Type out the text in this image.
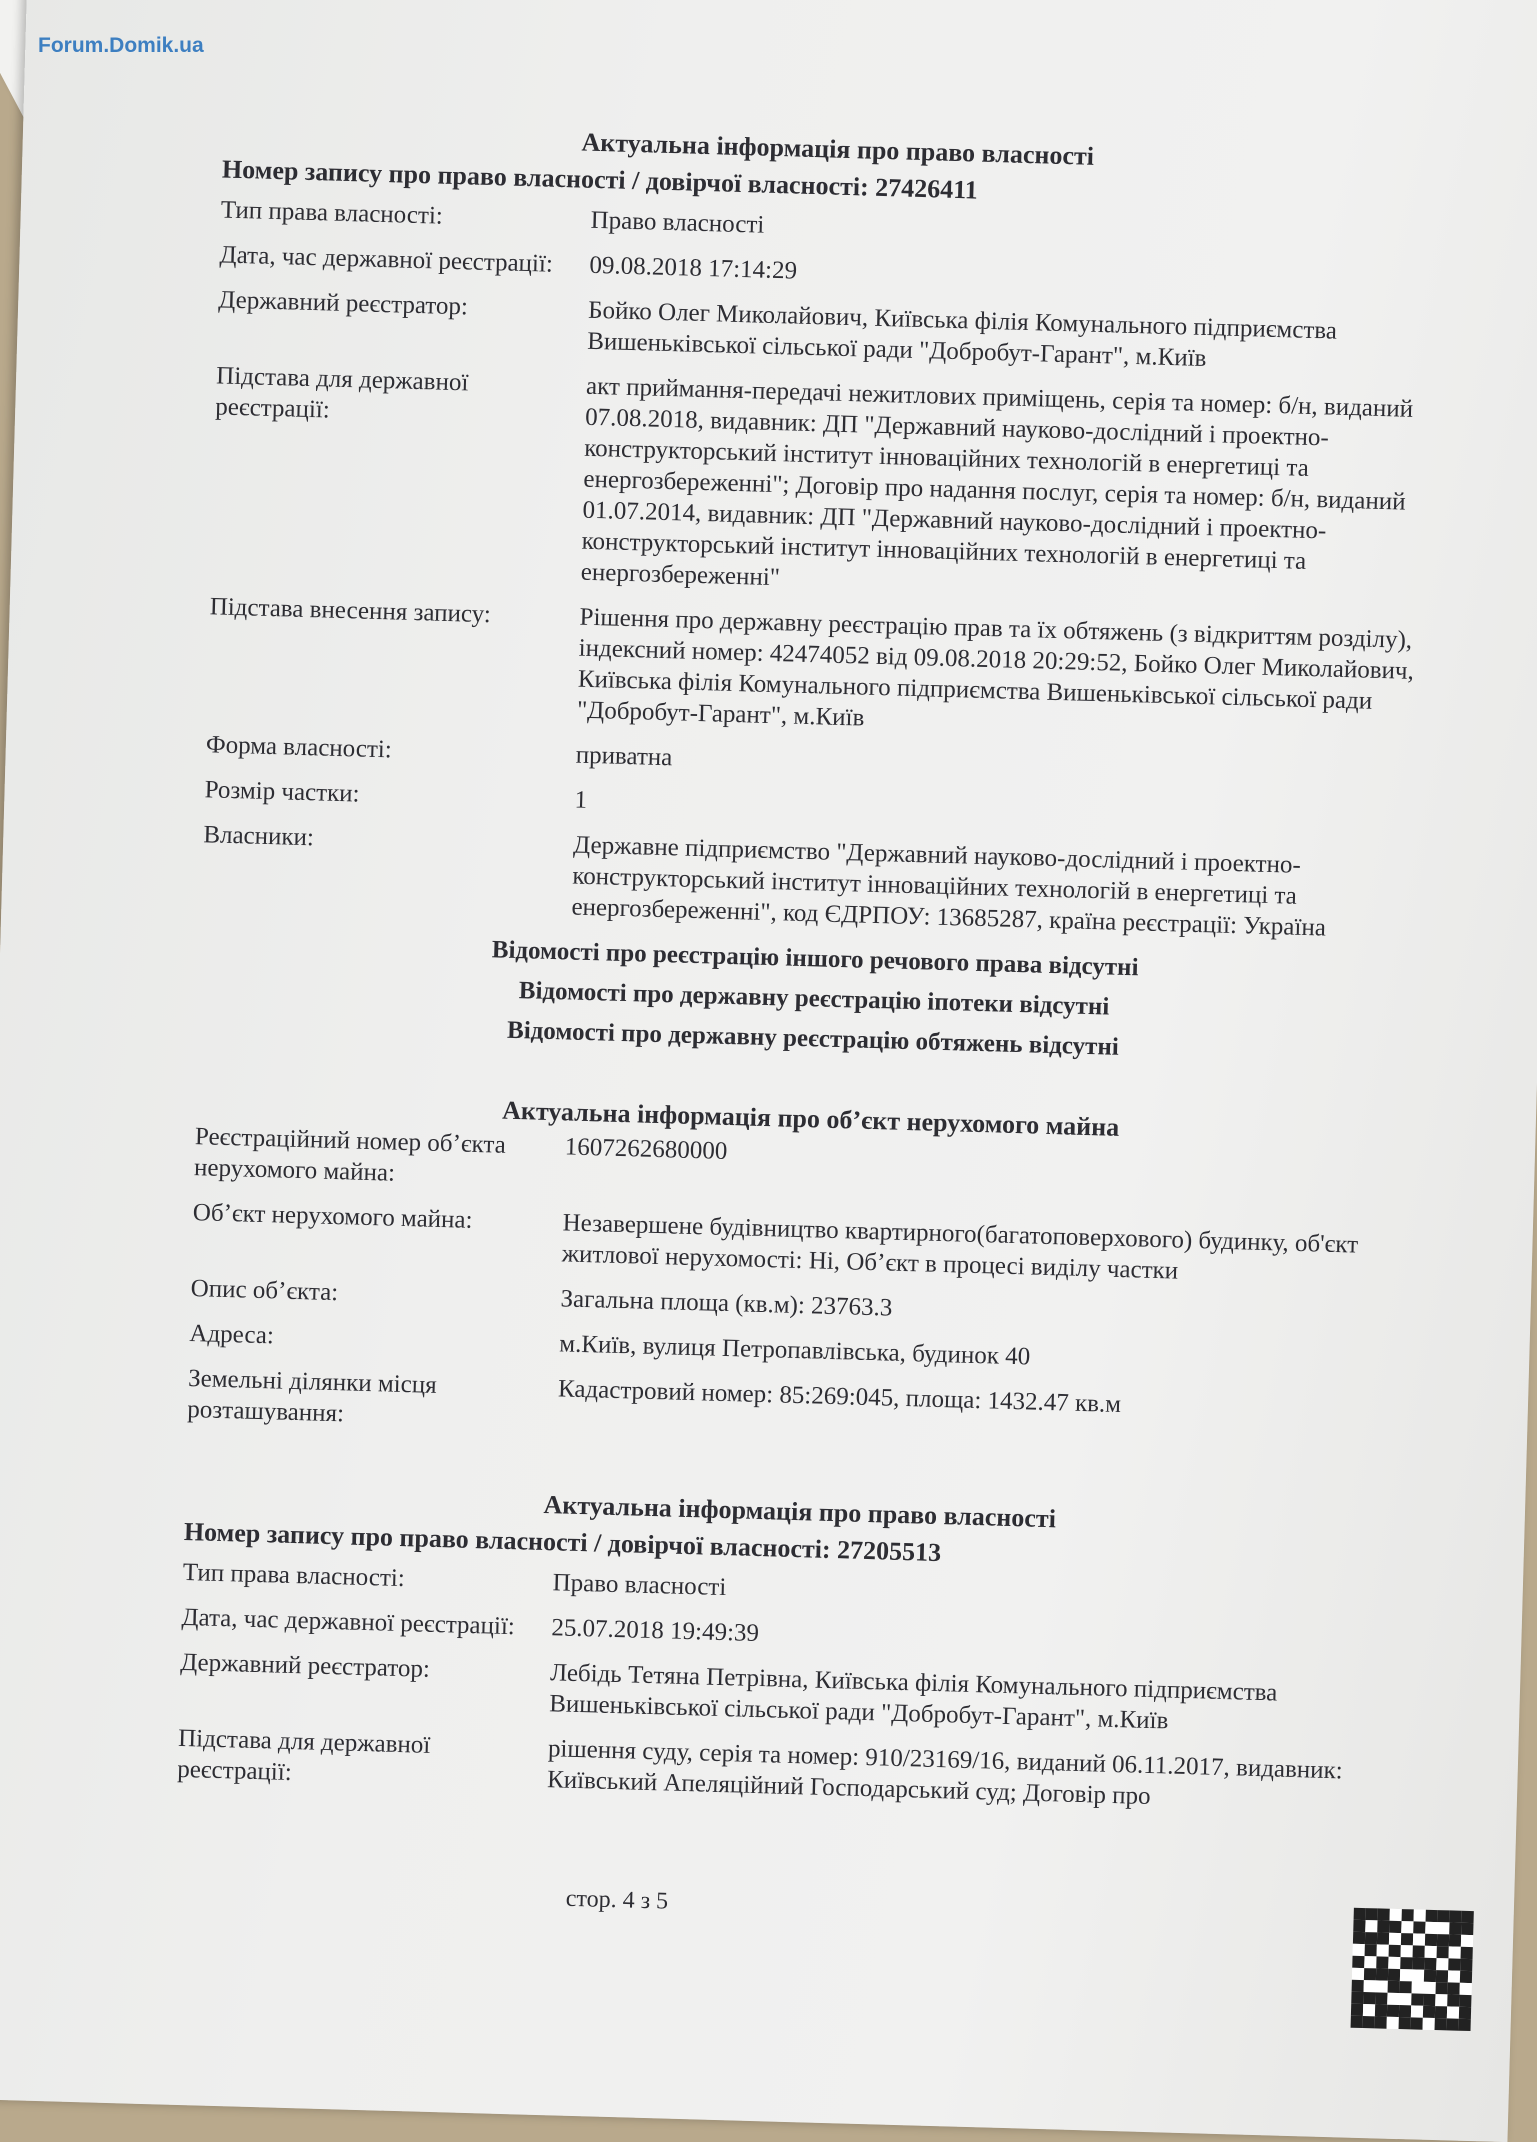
Актуальна інформація про право власності
Номер запису про право власності / довірчої власності: 27426411
Тип права власності:	Право власності
Дата, час державної реєстрації:	09.08.2018 17:14:29
Державний реєстратор:	Бойко Олег Миколайович, Київська філія Комунального підприємства Вишеньківської сільської ради "Добробут-Гарант", м.Київ
Підстава для державної реєстрації:	акт приймання-передачі нежитлових приміщень, серія та номер: б/н, виданий 07.08.2018, видавник: ДП "Державний науково-дослідний і проектно-конструкторський інститут інноваційних технологій в енергетиці та енергозбереженні"; Договір про надання послуг, серія та номер: б/н, виданий 01.07.2014, видавник: ДП "Державний науково-дослідний і проектно-конструкторський інститут інноваційних технологій в енергетиці та енергозбереженні"
Підстава внесення запису:	Рішення про державну реєстрацію прав та їх обтяжень (з відкриттям розділу), індексний номер: 42474052 від 09.08.2018 20:29:52, Бойко Олег Миколайович, Київська філія Комунального підприємства Вишеньківської сільської ради "Добробут-Гарант", м.Київ
Форма власності:	приватна
Розмір частки:	1
Власники:	Державне підприємство "Державний науково-дослідний і проектно-конструкторський інститут інноваційних технологій в енергетиці та енергозбереженні", код ЄДРПОУ: 13685287, країна реєстрації: Україна
Відомості про реєстрацію іншого речового права відсутні
Відомості про державну реєстрацію іпотеки відсутні
Відомості про державну реєстрацію обтяжень відсутні
Актуальна інформація про об’єкт нерухомого майна
Реєстраційний номер об’єкта нерухомого майна:
1607262680000
Об’єкт нерухомого майна:	Незавершене будівництво квартирного(багатоповерхового) будинку, об'єкт житлової нерухомості: Ні, Об’єкт в процесі виділу частки
Опис об’єкта:	Загальна площа (кв.м): 23763.3
Адреса:	м.Київ, вулиця Петропавлівська, будинок 40
Земельні ділянки місця розташування:	Кадастровий номер: 85:269:045, площа: 1432.47 кв.м
Актуальна інформація про право власності
Номер запису про право власності / довірчої власності: 27205513
Тип права власності:	Право власності
Дата, час державної реєстрації:	25.07.2018 19:49:39
Державний реєстратор:	Лебідь Тетяна Петрівна, Київська філія Комунального підприємства Вишеньківської сільської ради "Добробут-Гарант", м.Київ
Підстава для державної реєстрації:	рішення суду, серія та номер: 910/23169/16, виданий 06.11.2017, видавник: Київський Апеляційний Господарський суд; Договір про
стор. 4 з 5
Forum.Domik.ua
